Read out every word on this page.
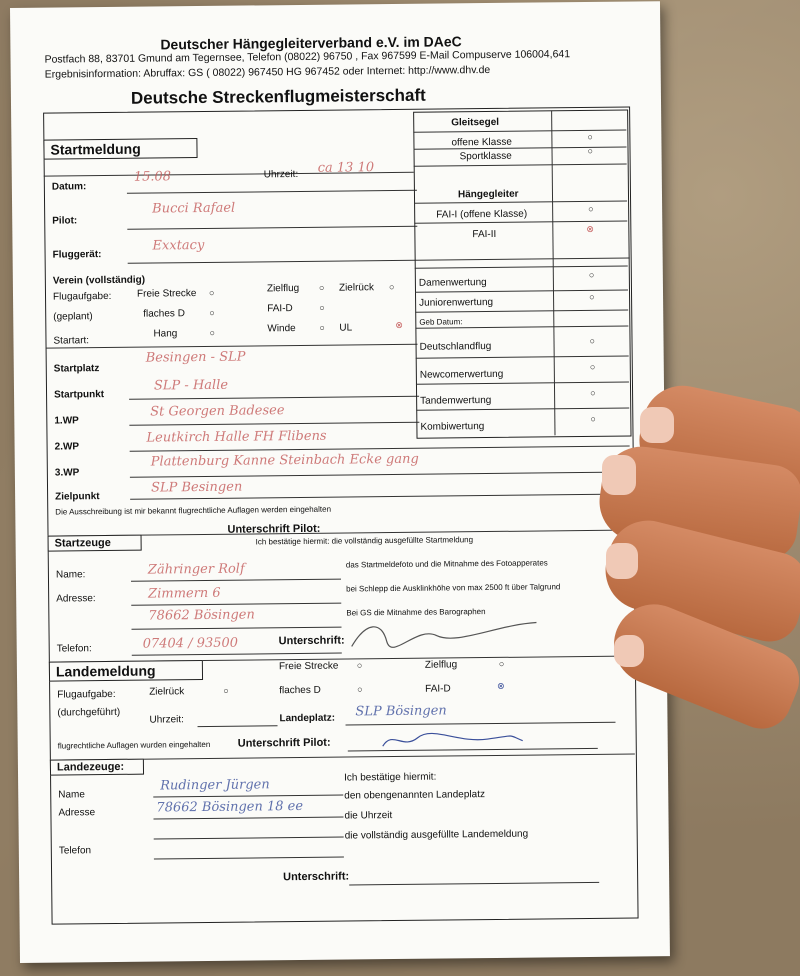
Deutscher Hängegleiterverband e.V. im DAeC
Postfach 88, 83701 Gmund am Tegernsee, Telefon (08022) 96750 , Fax 967599 E-Mail Compuserve 106004,641
Ergebnisinformation: Abruffax: GS ( 08022) 967450 HG 967452 oder Internet: http://www.dhv.de
Deutsche Streckenflugmeisterschaft
Startmeldung
Datum:
15.08	Uhrzeit: ca 13 10
Pilot:
Bucci Rafael
Fluggerät:
Exxtacy
Verein (vollständig)
Flugaufgabe:
(geplant)
Freie Strecke ○	Zielflug ○ Zielrück ○
flaches D	○	FAI-D	○
Startart:
Hang	○	Winde	○ UL	⊗
Startplatz
Besingen - SLP
Startpunkt
SLP - Halle
1.WP
St Georgen Badesee
2.WP
Leutkirch Halle FH Flibens
3.WP
Plattenburg Kanne Steinbach Ecke gang
Zielpunkt
SLP Besingen
Die Ausschreibung ist mir bekannt flugrechtliche Auflagen werden eingehalten
Unterschrift Pilot:
Gleitsegel
offene Klasse	○
Sportklasse	○
Hängegleiter
FAI-I (offene Klasse)	○
FAI-II	⊗
Damenwertung
○
Juniorenwertung
○
Geb Datum:
Deutschlandflug
○
Newcomerwertung
○
Tandemwertung
○
Kombiwertung
○
Startzeuge	Ich bestätige hiermit: die vollständig ausgefüllte Startmeldung
das Startmeldefoto und die Mitnahme des Fotoapperates
bei Schlepp die Ausklinkhöhe von max 2500 ft über Talgrund
Bei GS die Mitnahme des Barographen
Name:	Zähringer Rolf
Adresse:	Zimmern 6
78662 Bösingen
Telefon:	07404 / 93500	Unterschrift:
Landemeldung	Freie Strecke ○	Zielflug	○
Flugaufgabe:
(durchgeführt)
Zielrück	○	flaches D	○	FAI-D	⊗
Uhrzeit:	Landeplatz: SLP Bösingen
flugrechtliche Auflagen wurden eingehalten Unterschrift Pilot:
Landezeuge:
Name
Rudinger Jürgen
Adresse	78662 Bösingen 18 ee
Telefon
Ich bestätige hiermit:
den obengenannten Landeplatz
die Uhrzeit
die vollständig ausgefüllte Landemeldung
Unterschrift:
